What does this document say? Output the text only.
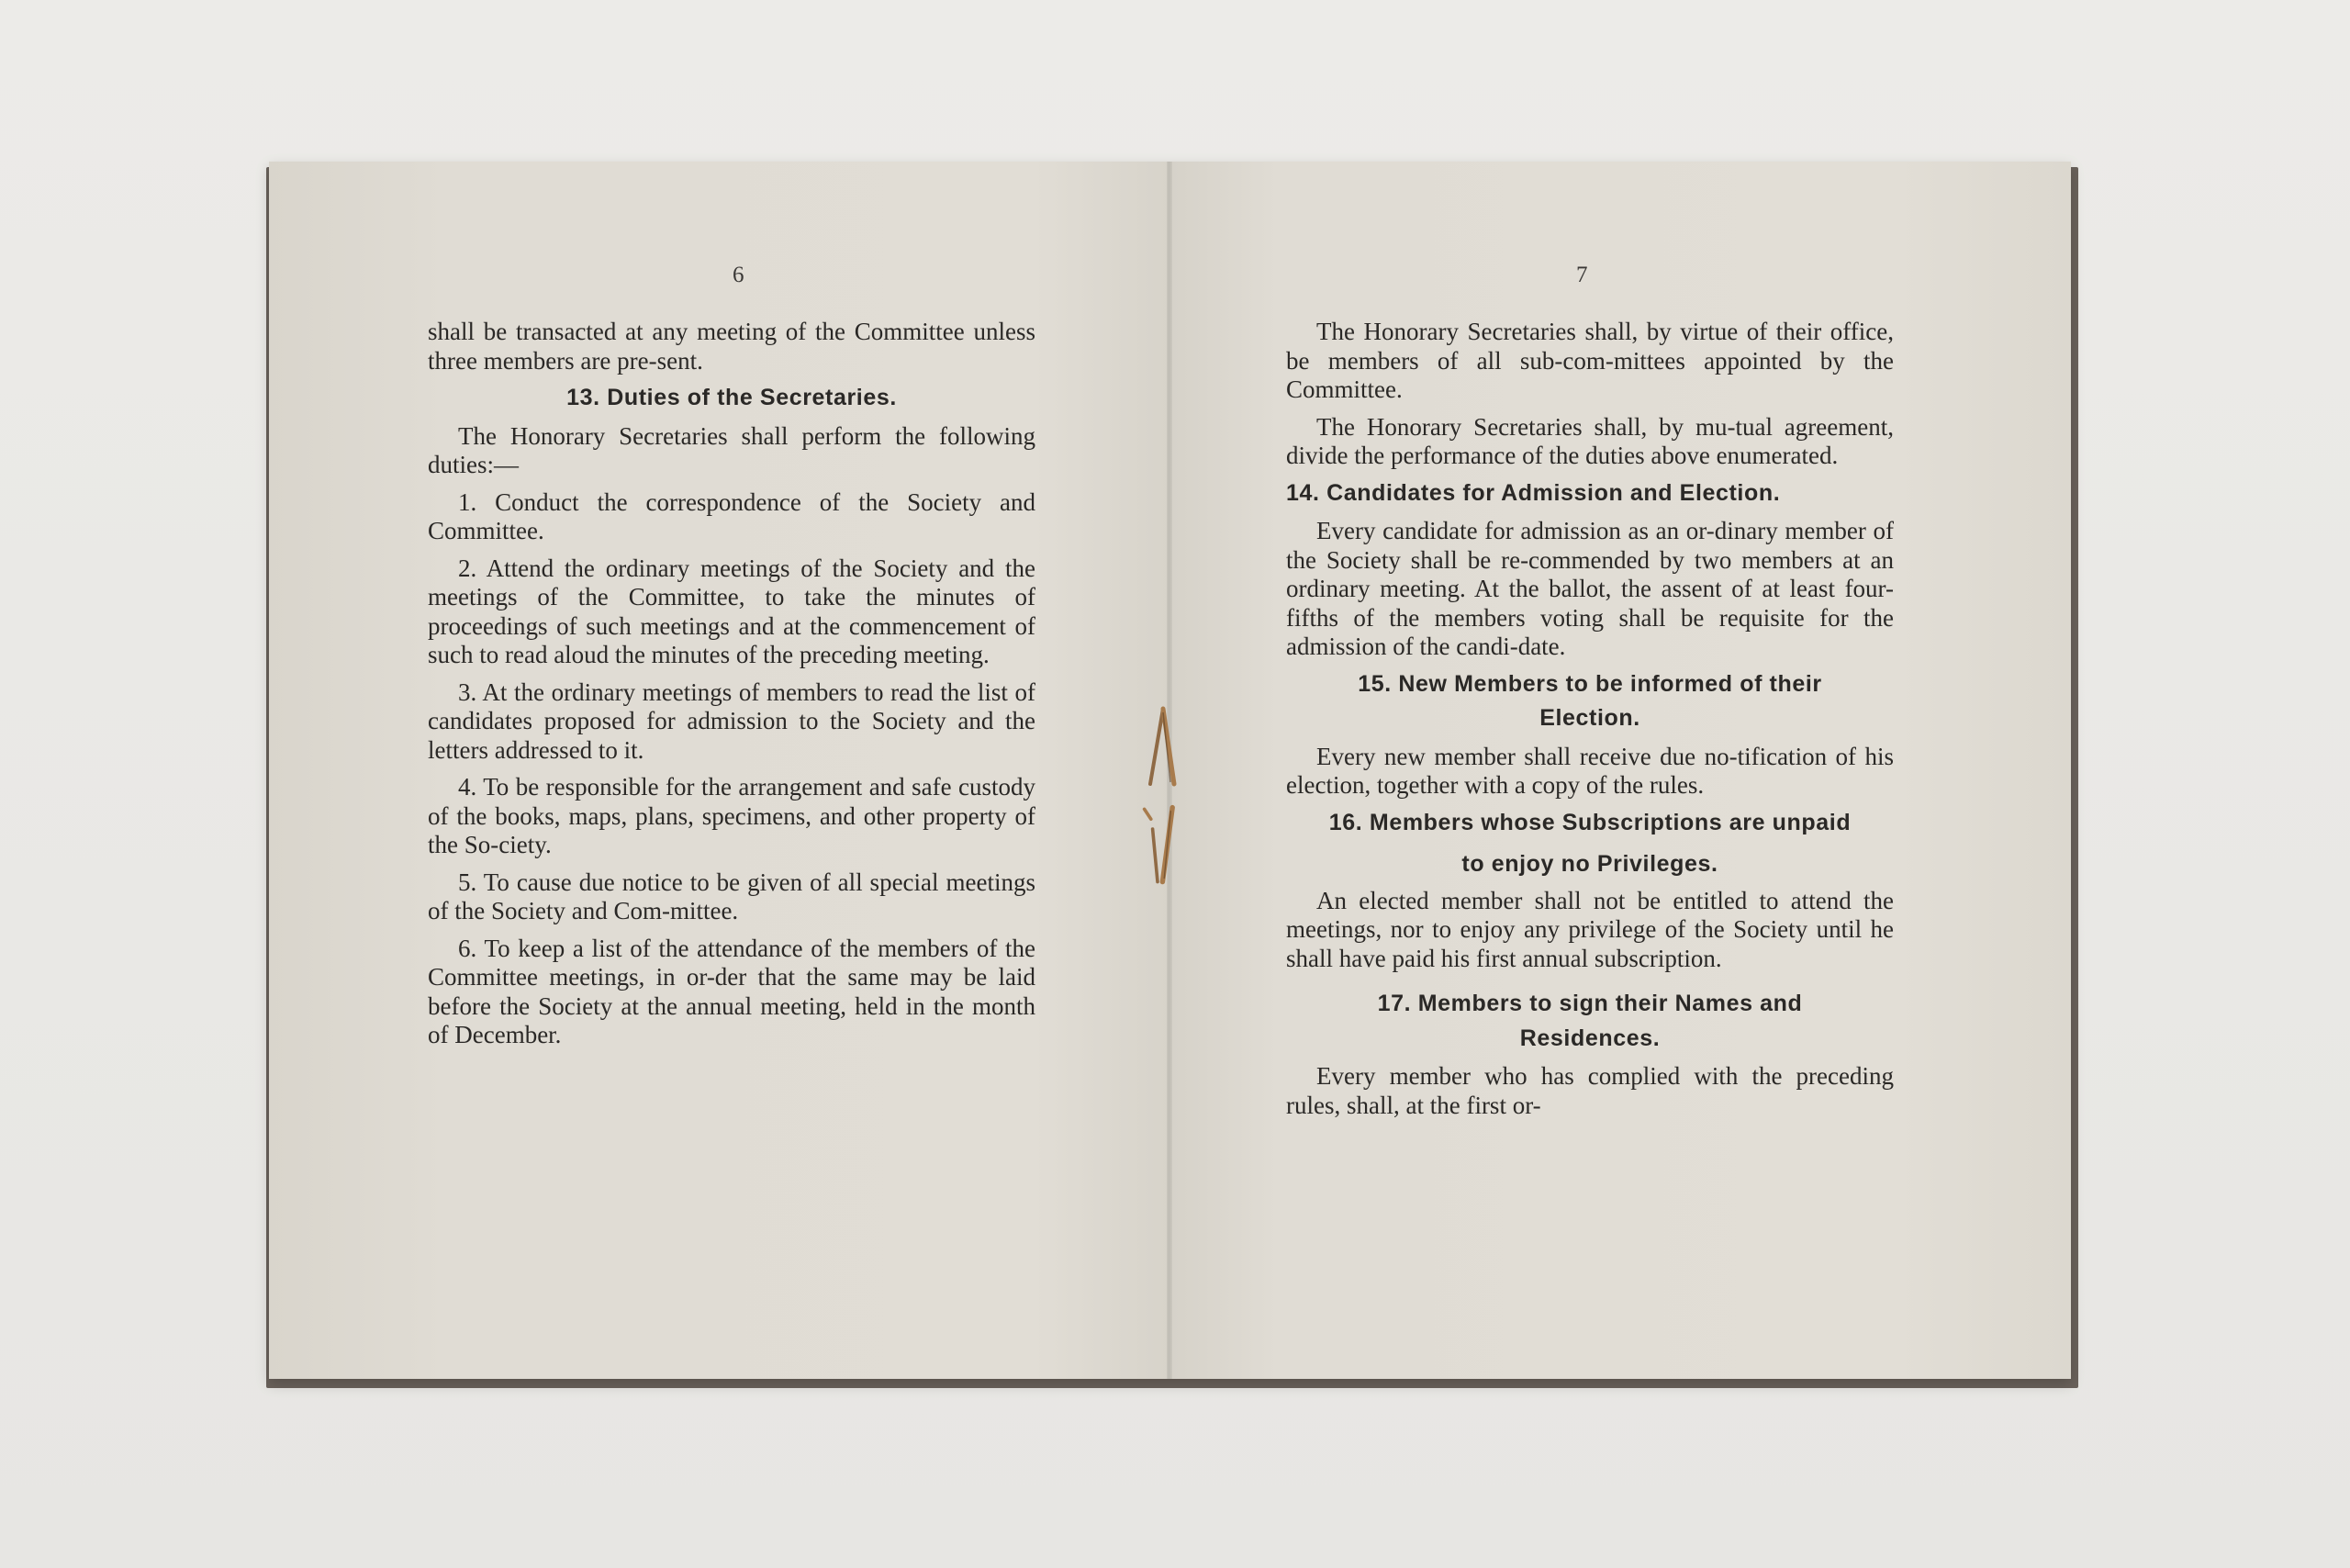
6

shall be transacted at any meeting of the Committee unless three members are pre-sent.

13. Duties of the Secretaries.

The Honorary Secretaries shall perform the following duties:—

1. Conduct the correspondence of the Society and Committee.

2. Attend the ordinary meetings of the Society and the meetings of the Committee, to take the minutes of proceedings of such meetings and at the commencement of such to read aloud the minutes of the preceding meeting.

3. At the ordinary meetings of members to read the list of candidates proposed for admission to the Society and the letters addressed to it.

4. To be responsible for the arrangement and safe custody of the books, maps, plans, specimens, and other property of the So-ciety.

5. To cause due notice to be given of all special meetings of the Society and Com-mittee.

6. To keep a list of the attendance of the members of the Committee meetings, in or-der that the same may be laid before the Society at the annual meeting, held in the month of December.

7

The Honorary Secretaries shall, by virtue of their office, be members of all sub-com-mittees appointed by the Committee.

The Honorary Secretaries shall, by mu-tual agreement, divide the performance of the duties above enumerated.

14. Candidates for Admission and Election.

Every candidate for admission as an or-dinary member of the Society shall be re-commended by two members at an ordinary meeting. At the ballot, the assent of at least four-fifths of the members voting shall be requisite for the admission of the candi-date.

15. New Members to be informed of their
Election.

Every new member shall receive due no-tification of his election, together with a copy of the rules.

16. Members whose Subscriptions are unpaid
to enjoy no Privileges.

An elected member shall not be entitled to attend the meetings, nor to enjoy any privilege of the Society until he shall have paid his first annual subscription.

17. Members to sign their Names and
Residences.

Every member who has complied with the preceding rules, shall, at the first or-
